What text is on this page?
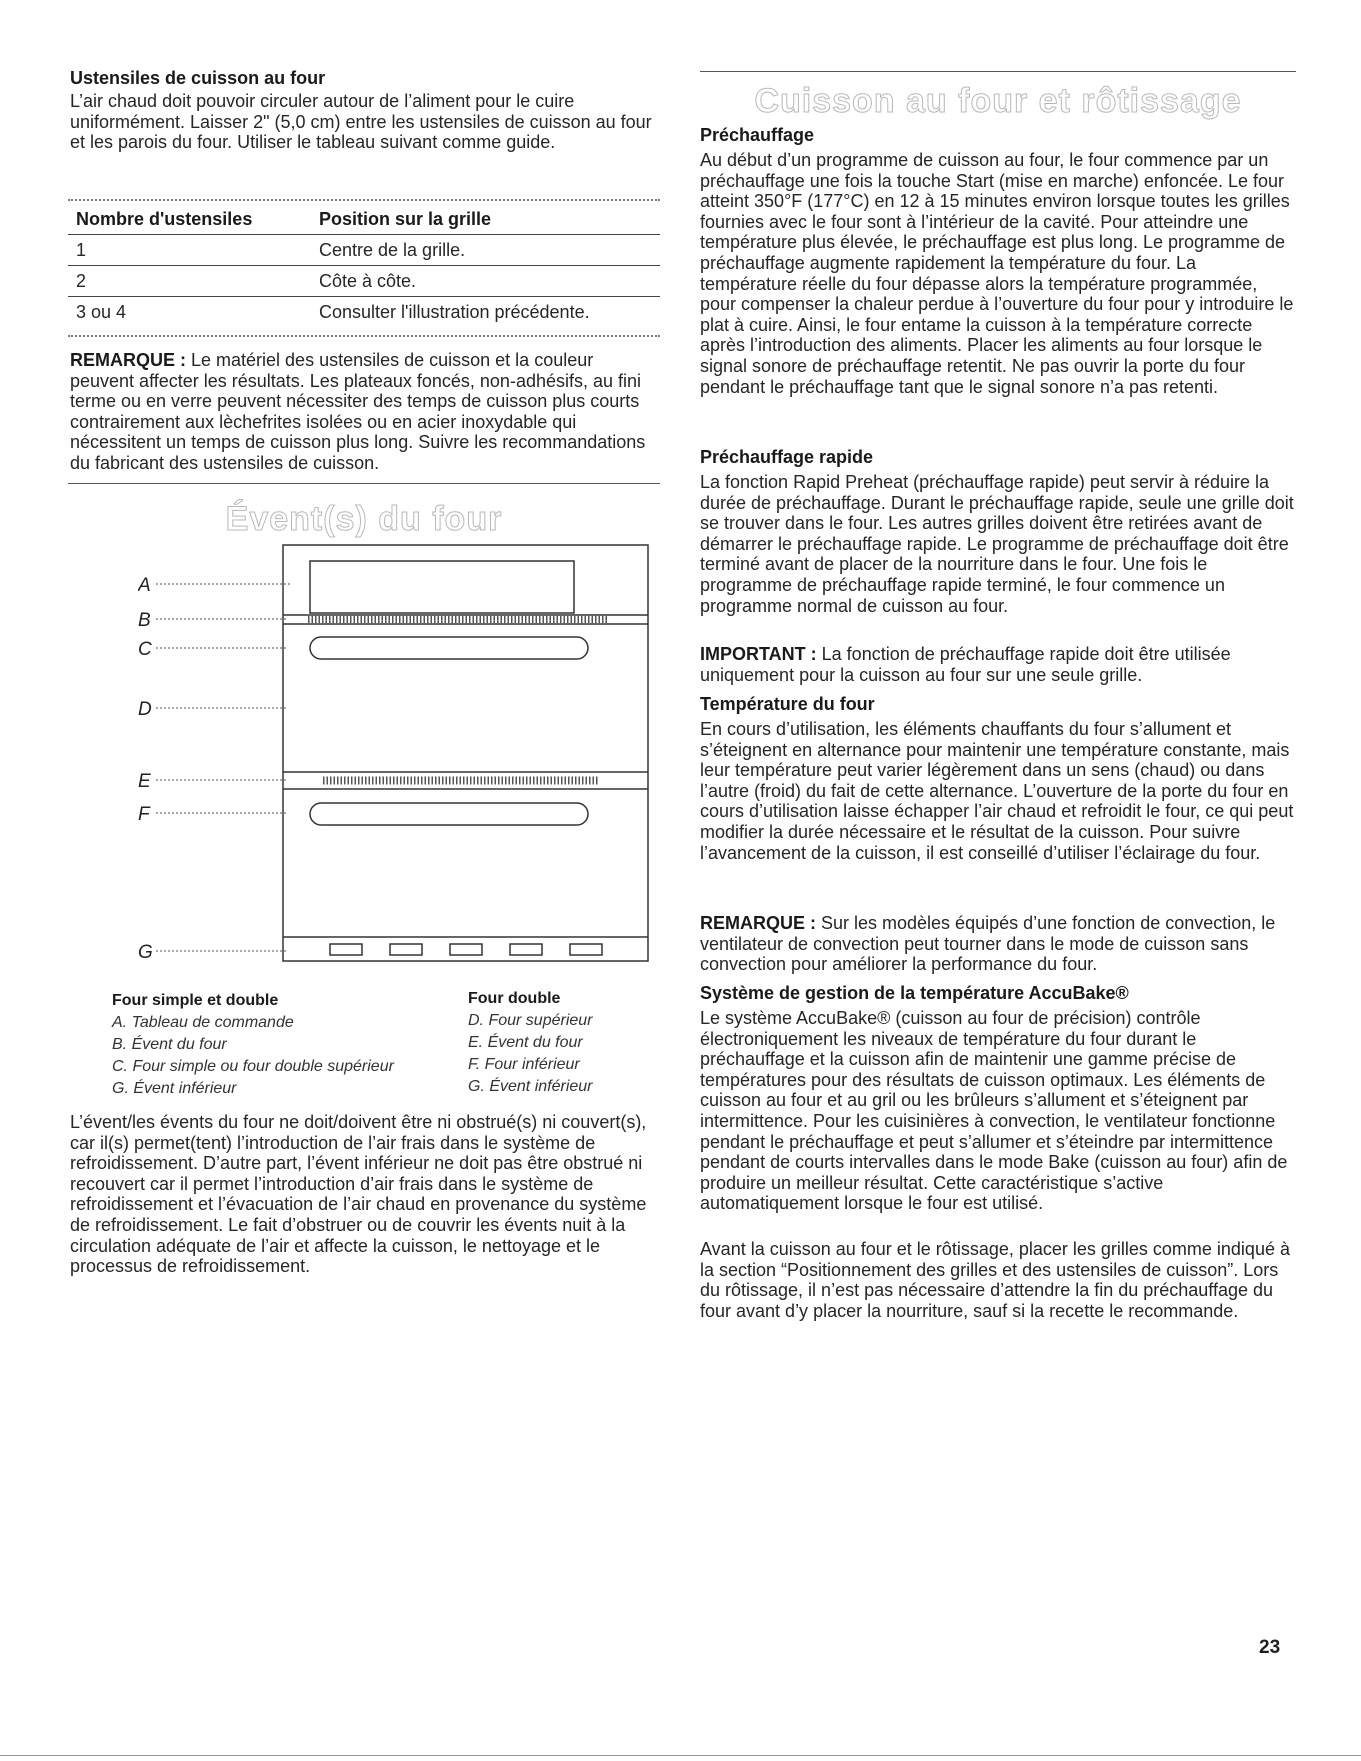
Ustensiles de cuisson au four

L’air chaud doit pouvoir circuler autour de l’aliment pour le cuire uniformément. Laisser 2" (5,0 cm) entre les ustensiles de cuisson au four et les parois du four. Utiliser le tableau suivant comme guide.

Nombre d'ustensiles	Position sur la grille
1	Centre de la grille.
2	Côte à côte.
3 ou 4	Consulter l'illustration précédente.

REMARQUE : Le matériel des ustensiles de cuisson et la couleur peuvent affecter les résultats. Les plateaux foncés, non-adhésifs, au fini terme ou en verre peuvent nécessiter des temps de cuisson plus courts contrairement aux lèchefrites isolées ou en acier inoxydable qui nécessitent un temps de cuisson plus long. Suivre les recommandations du fabricant des ustensiles de cuisson.

Évent(s) du four
A
B
C
D
E
F
G
Four simple et double
A. Tableau de commande
B. Évent du four
C. Four simple ou four double supérieur
G. Évent inférieur
Four double
D. Four supérieur
E. Évent du four
F. Four inférieur
G. Évent inférieur

L’évent/les évents du four ne doit/doivent être ni obstrué(s) ni couvert(s), car il(s) permet(tent) l’introduction de l’air frais dans le système de refroidissement. D’autre part, l’évent inférieur ne doit pas être obstrué ni recouvert car il permet l’introduction d’air frais dans le système de refroidissement et l’évacuation de l’air chaud en provenance du système de refroidissement. Le fait d’obstruer ou de couvrir les évents nuit à la circulation adéquate de l’air et affecte la cuisson, le nettoyage et le processus de refroidissement.

Cuisson au four et rôtissage
Préchauffage

Au début d’un programme de cuisson au four, le four commence par un préchauffage une fois la touche Start (mise en marche) enfoncée. Le four atteint 350°F (177°C) en 12 à 15 minutes environ lorsque toutes les grilles fournies avec le four sont à l’intérieur de la cavité. Pour atteindre une température plus élevée, le préchauffage est plus long. Le programme de préchauffage augmente rapidement la température du four. La température réelle du four dépasse alors la température programmée, pour compenser la chaleur perdue à l’ouverture du four pour y introduire le plat à cuire. Ainsi, le four entame la cuisson à la température correcte après l’introduction des aliments. Placer les aliments au four lorsque le signal sonore de préchauffage retentit. Ne pas ouvrir la porte du four pendant le préchauffage tant que le signal sonore n’a pas retenti.

Préchauffage rapide

La fonction Rapid Preheat (préchauffage rapide) peut servir à réduire la durée de préchauffage. Durant le préchauffage rapide, seule une grille doit se trouver dans le four. Les autres grilles doivent être retirées avant de démarrer le préchauffage rapide. Le programme de préchauffage doit être terminé avant de placer de la nourriture dans le four. Une fois le programme de préchauffage rapide terminé, le four commence un programme normal de cuisson au four.

IMPORTANT : La fonction de préchauffage rapide doit être utilisée uniquement pour la cuisson au four sur une seule grille.

Température du four

En cours d’utilisation, les éléments chauffants du four s’allument et s’éteignent en alternance pour maintenir une température constante, mais leur température peut varier légèrement dans un sens (chaud) ou dans l’autre (froid) du fait de cette alternance. L’ouverture de la porte du four en cours d’utilisation laisse échapper l’air chaud et refroidit le four, ce qui peut modifier la durée nécessaire et le résultat de la cuisson. Pour suivre l’avancement de la cuisson, il est conseillé d’utiliser l’éclairage du four.

REMARQUE : Sur les modèles équipés d’une fonction de convection, le ventilateur de convection peut tourner dans le mode de cuisson sans convection pour améliorer la performance du four.

Système de gestion de la température AccuBake®

Le système AccuBake® (cuisson au four de précision) contrôle électroniquement les niveaux de température du four durant le préchauffage et la cuisson afin de maintenir une gamme précise de températures pour des résultats de cuisson optimaux. Les éléments de cuisson au four et au gril ou les brûleurs s’allument et s’éteignent par intermittence. Pour les cuisinières à convection, le ventilateur fonctionne pendant le préchauffage et peut s’allumer et s’éteindre par intermittence pendant de courts intervalles dans le mode Bake (cuisson au four) afin de produire un meilleur résultat. Cette caractéristique s’active automatiquement lorsque le four est utilisé.

Avant la cuisson au four et le rôtissage, placer les grilles comme indiqué à la section “Positionnement des grilles et des ustensiles de cuisson”. Lors du rôtissage, il n’est pas nécessaire d’attendre la fin du préchauffage du four avant d’y placer la nourriture, sauf si la recette le recommande.

23
